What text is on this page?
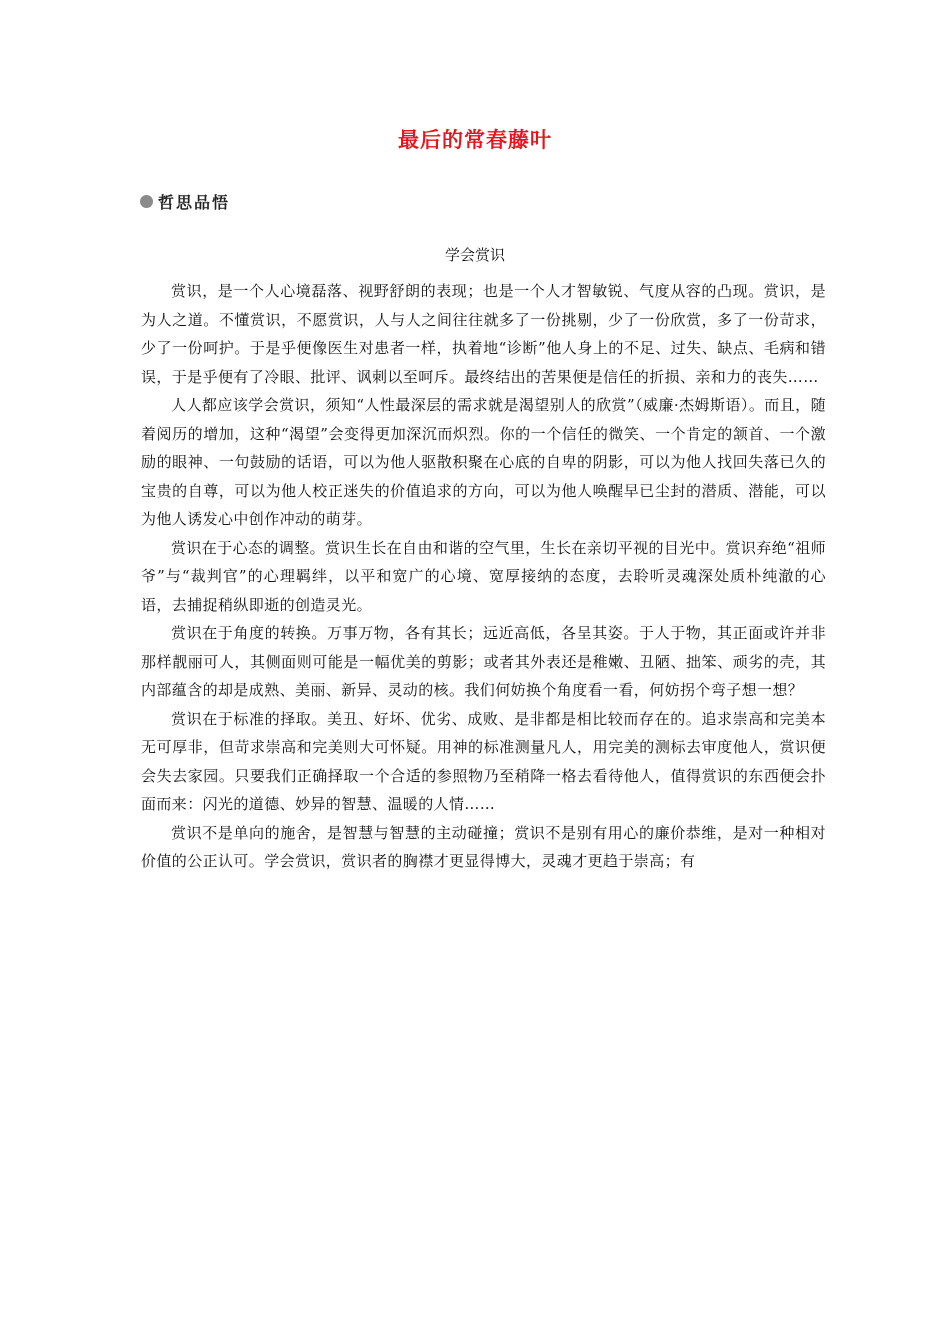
最后的常春藤叶
哲思品悟
学会赏识

赏识，是一个人心境磊落、视野舒朗的表现；也是一个人才智敏锐、气度从容的凸现。赏识，是为人之道。不懂赏识，不愿赏识，人与人之间往往就多了一份挑剔，少了一份欣赏，多了一份苛求，少了一份呵护。于是乎便像医生对患者一样，执着地“诊断”他人身上的不足、过失、缺点、毛病和错误，于是乎便有了冷眼、批评、讽刺以至呵斥。最终结出的苦果便是信任的折损、亲和力的丧失……

人人都应该学会赏识，须知“人性最深层的需求就是渴望别人的欣赏”（威廉·杰姆斯语）。而且，随着阅历的增加，这种“渴望”会变得更加深沉而炽烈。你的一个信任的微笑、一个肯定的颔首、一个激励的眼神、一句鼓励的话语，可以为他人驱散积聚在心底的自卑的阴影，可以为他人找回失落已久的宝贵的自尊，可以为他人校正迷失的价值追求的方向，可以为他人唤醒早已尘封的潜质、潜能，可以为他人诱发心中创作冲动的萌芽。

赏识在于心态的调整。赏识生长在自由和谐的空气里，生长在亲切平视的目光中。赏识弃绝“祖师爷”与“裁判官”的心理羁绊，以平和宽广的心境、宽厚接纳的态度，去聆听灵魂深处质朴纯澈的心语，去捕捉稍纵即逝的创造灵光。

赏识在于角度的转换。万事万物，各有其长；远近高低，各呈其姿。于人于物，其正面或许并非那样靓丽可人，其侧面则可能是一幅优美的剪影；或者其外表还是稚嫩、丑陋、拙笨、顽劣的壳，其内部蕴含的却是成熟、美丽、新异、灵动的核。我们何妨换个角度看一看，何妨拐个弯子想一想？

赏识在于标准的择取。美丑、好坏、优劣、成败、是非都是相比较而存在的。追求崇高和完美本无可厚非，但苛求崇高和完美则大可怀疑。用神的标准测量凡人，用完美的测标去审度他人，赏识便会失去家园。只要我们正确择取一个合适的参照物乃至稍降一格去看待他人，值得赏识的东西便会扑面而来：闪光的道德、妙异的智慧、温暖的人情……

赏识不是单向的施舍，是智慧与智慧的主动碰撞；赏识不是别有用心的廉价恭维，是对一种相对价值的公正认可。学会赏识，赏识者的胸襟才更显得博大，灵魂才更趋于崇高；有
